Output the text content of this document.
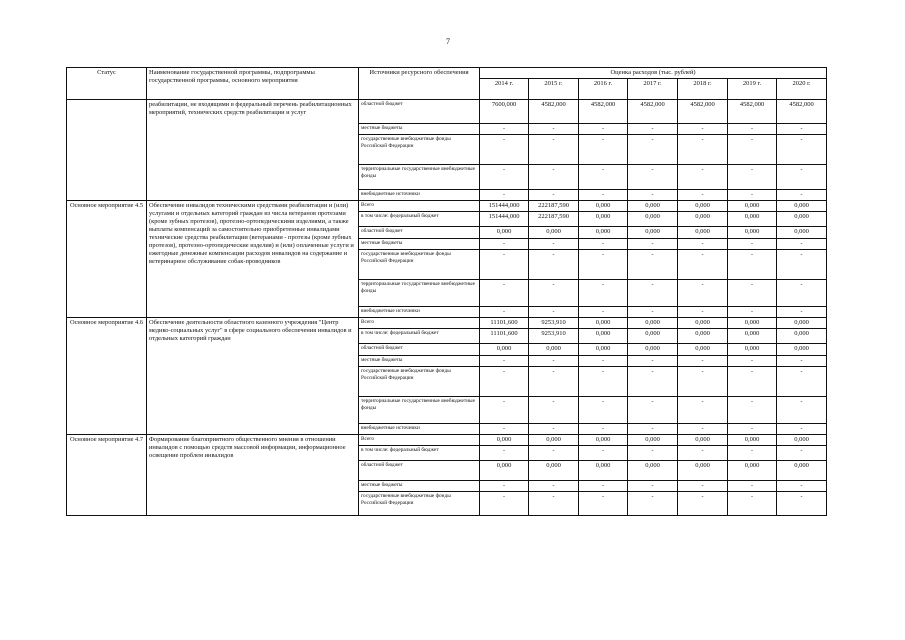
7
Статус	Наименование государственной программы, подпрограммы государственной программы, основного мероприятия	Источники ресурсного обеспечения	Оценка расходов (тыс. рублей)						
			2014 г.	2015 г.	2016 г.	2017 г.	2018 г.	2019 г.	2020 г.
	реабилитации, не входящими в федеральный перечень реабилитационных мероприятий, технических средств реабилитации и услуг	областной бюджет	7600,000	4582,000	4582,000	4582,000	4582,000	4582,000	4582,000
		местные бюджеты	-	-	-	-	-	-	-
		государственные внебюджетные фонды Российской Федерации	-	-	-	-	-	-	-
		территориальные государственные внебюджетные фонды	-	-	-	-	-	-	-
		внебюджетные источники	-	-	-	-	-	-	-
Основное мероприятие 4.5	Обеспечение инвалидов техническими средствами реабилитации и (или) услугами и отдельных категорий граждан из числа ветеранов протезами (кроме зубных протезов), протезно-ортопедическими изделиями, а также выплаты компенсаций за самостоятельно приобретенные инвалидами технические средства реабилитации (ветеранами - протезы (кроме зубных протезов), протезно-ортопедические изделия) и (или) оплаченные услуги и ежегодные денежные компенсации расходов инвалидов на содержание и ветеринарное обслуживание собак-проводников	Всего	151444,000	222187,590	0,000	0,000	0,000	0,000	0,000
		в том числе: федеральный бюджет	151444,000	222187,590	0,000	0,000	0,000	0,000	0,000
		областной бюджет	0,000	0,000	0,000	0,000	0,000	0,000	0,000
		местные бюджеты	-	-	-	-	-	-	-
		государственные внебюджетные фонды Российской Федерации	-	-	-	-	-	-	-
		территориальные государственные внебюджетные фонды	-	-	-	-	-	-	-
		внебюджетные источники	-	-	-	-	-	-	-
Основное мероприятие 4.6	Обеспечение деятельности областного казенного учреждения "Центр медико-социальных услуг" в сфере социального обеспечения инвалидов и отдельных категорий граждан	Всего	11101,600	9253,910	0,000	0,000	0,000	0,000	0,000
		в том числе: федеральный бюджет	11101,600	9253,910	0,000	0,000	0,000	0,000	0,000
		областной бюджет	0,000	0,000	0,000	0,000	0,000	0,000	0,000
		местные бюджеты	-	-	-	-	-	-	-
		государственные внебюджетные фонды Российской Федерации	-	-	-	-	-	-	-
		территориальные государственные внебюджетные фонды	-	-	-	-	-	-	-
		внебюджетные источники	-	-	-	-	-	-	-
Основное мероприятие 4.7	Формирование благоприятного общественного мнения в отношении инвалидов с помощью средств массовой информации, информационное освещение проблем инвалидов	Всего	0,000	0,000	0,000	0,000	0,000	0,000	0,000
		в том числе: федеральный бюджет	-	-	-	-	-	-	-
		областной бюджет	0,000	0,000	0,000	0,000	0,000	0,000	0,000
		местные бюджеты	-	-	-	-	-	-	-
		государственные внебюджетные фонды Российской Федерации	-	-	-	-	-	-	-
